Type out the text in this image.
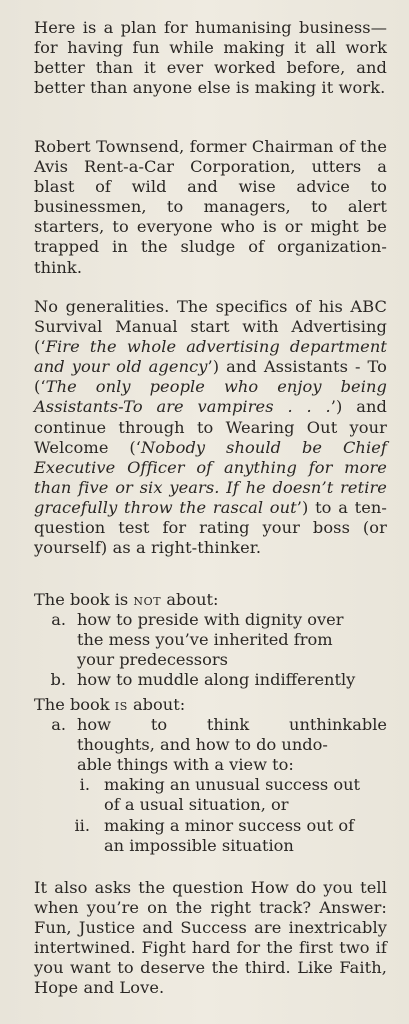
Here is a plan for humanising business—for having fun while making it all work better than it ever worked before, and better than anyone else is making it work.

Robert Townsend, former Chairman of the Avis Rent-a-Car Corporation, utters a blast of wild and wise advice to businessmen, to managers, to alert starters, to everyone who is or might be trapped in the sludge of organization-think.

No generalities. The specifics of his ABC Survival Manual start with Advertising (‘Fire the whole advertising department and your old agency’) and Assistants - To (‘The only people who enjoy being Assistants-To are vampires . . .’) and continue through to Wearing Out your Welcome (‘Nobody should be Chief Executive Officer of anything for more than five or six years. If he doesn’t retire gracefully throw the rascal out’) to a ten-question test for rating your boss (or yourself) as a right-thinker.

The book is not about:
a. how to preside with dignity over
the mess you’ve inherited from
your predecessors
b. how to muddle along indifferently
The book is about:
a. how to think unthinkable
thoughts, and how to do undo-
able things with a view to:
i. making an unusual success out
of a usual situation, or
ii. making a minor success out of
an impossible situation

It also asks the question How do you tell when you’re on the right track? Answer: Fun, Justice and Success are inextricably intertwined. Fight hard for the first two if you want to deserve the third. Like Faith, Hope and Love.
